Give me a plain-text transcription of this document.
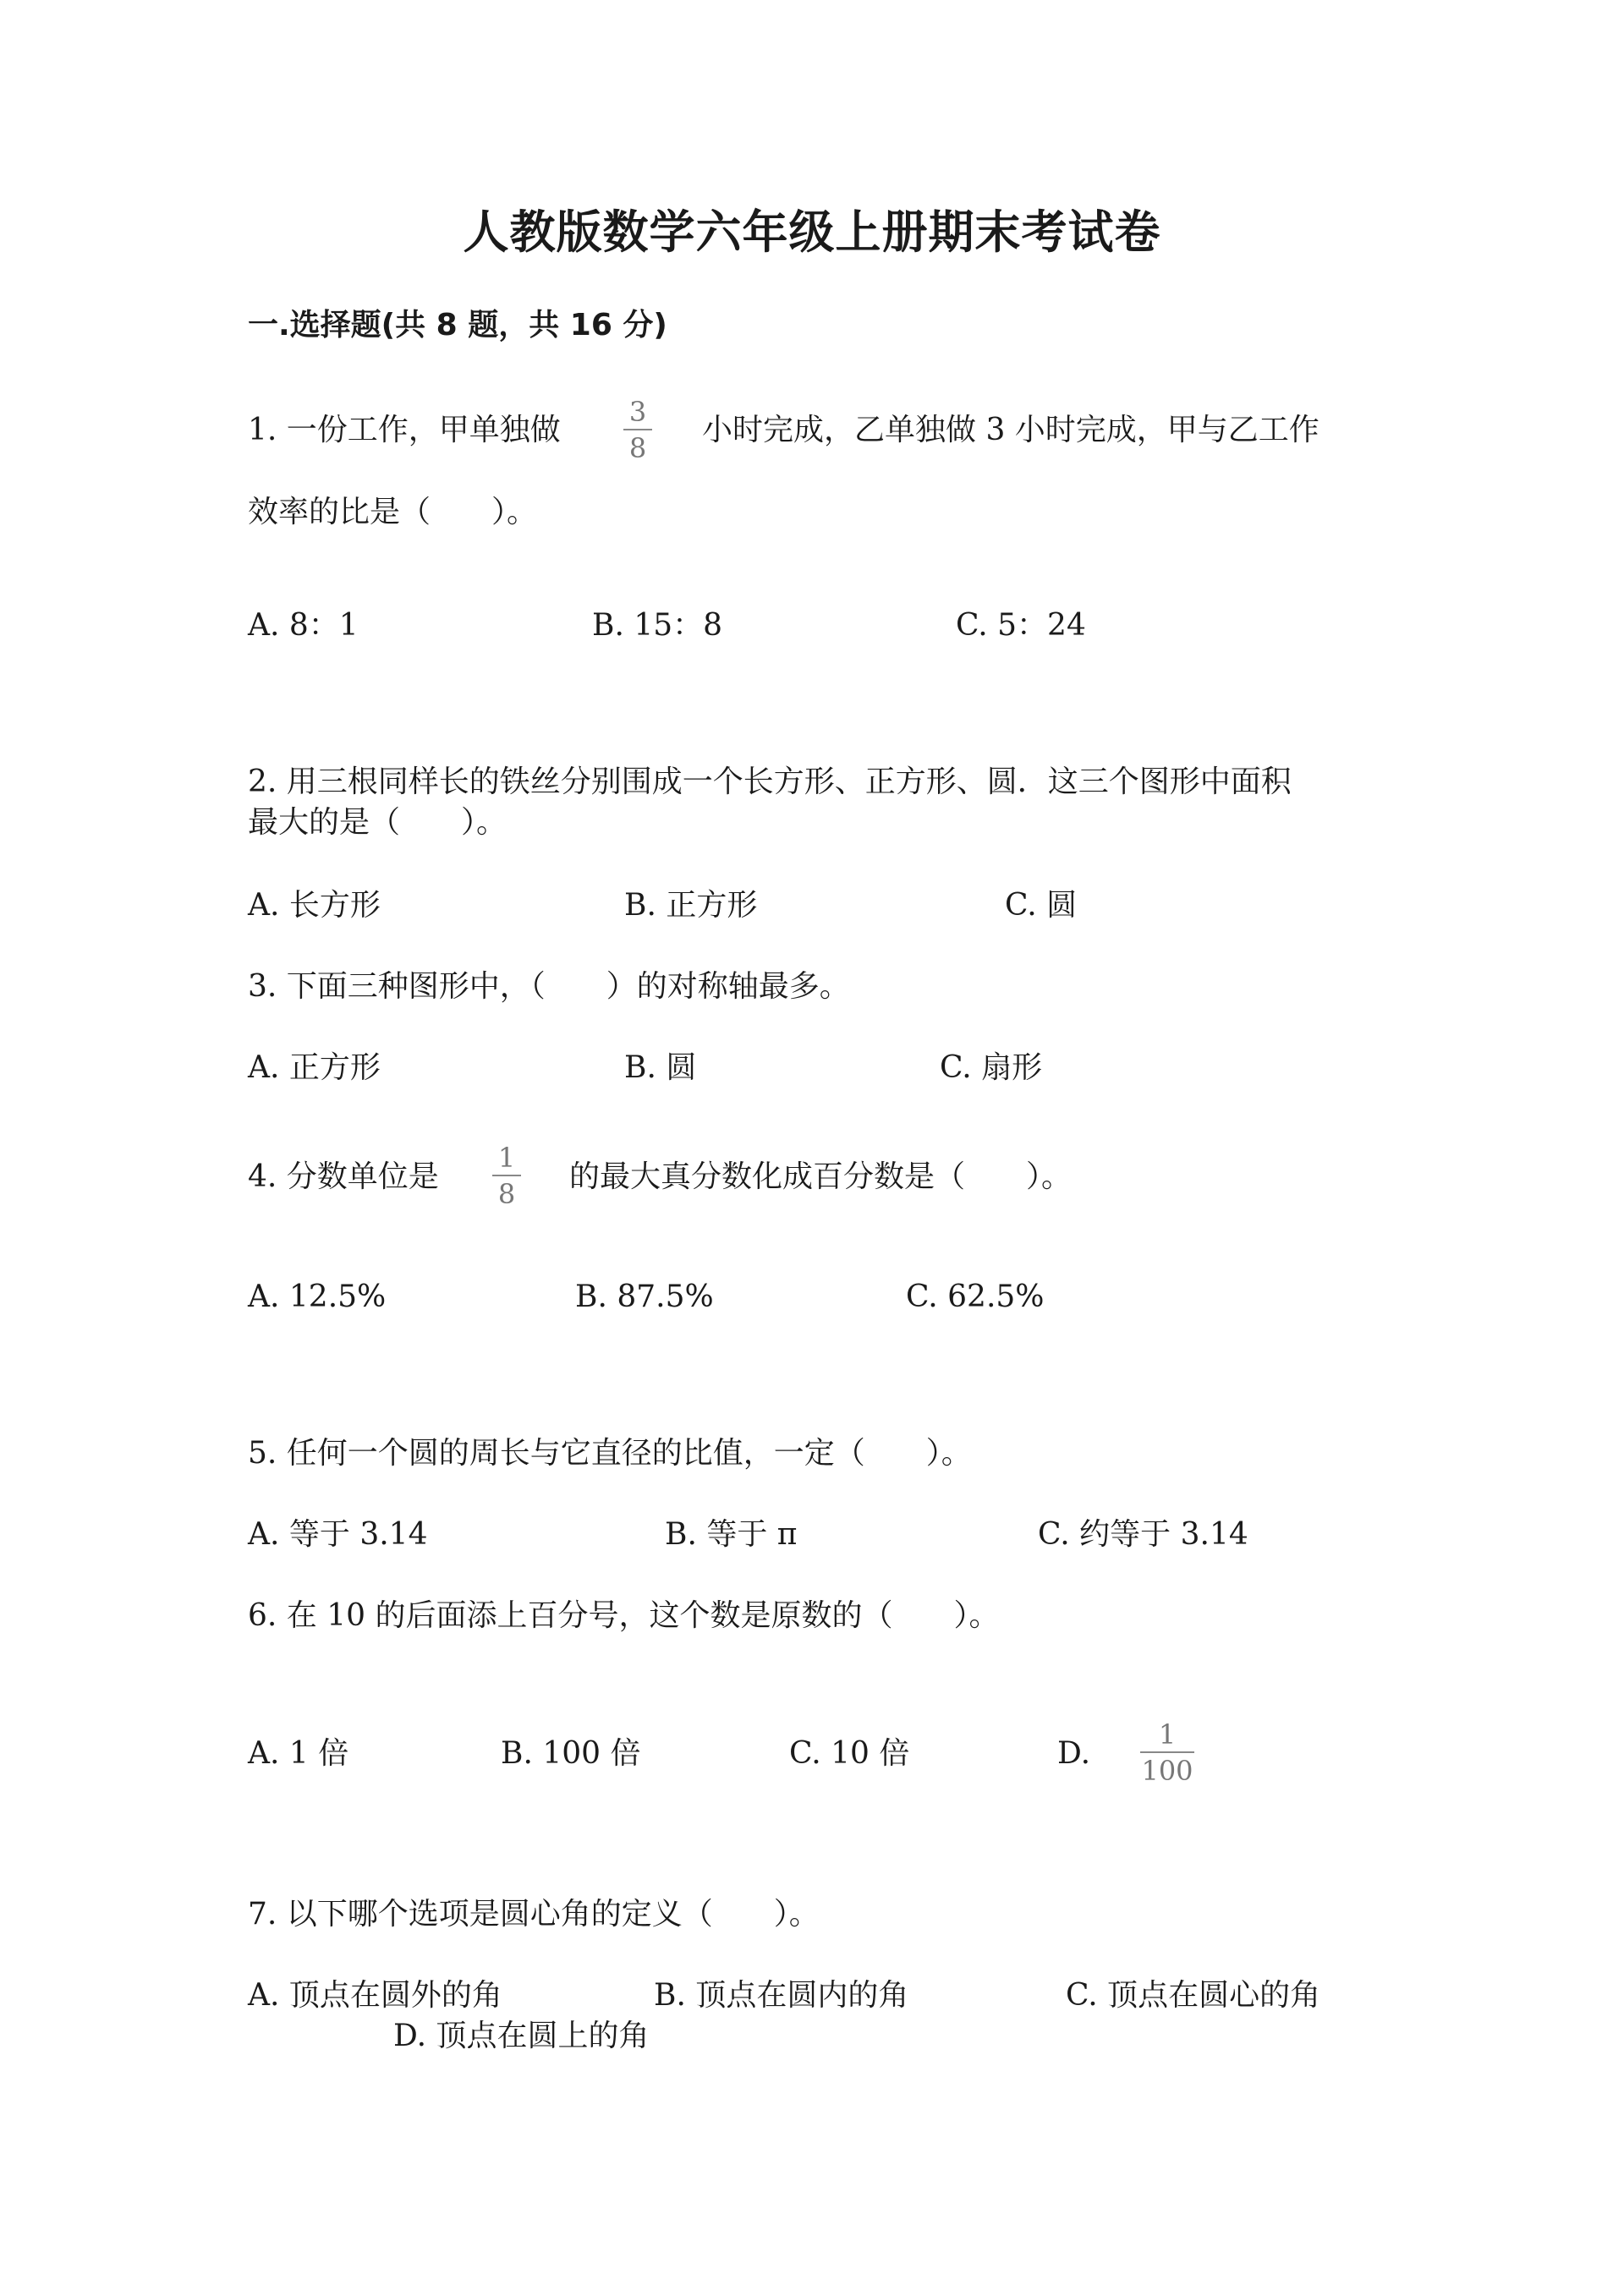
人教版数学六年级上册期末考试卷
一.选择题(共 8 题，共 16 分)
1. 一份工作，甲单独做
3
8
小时完成，乙单独做 3 小时完成，甲与乙工作
效率的比是（　　）。
A. 8：1	B. 15：8	C. 5：24
2. 用三根同样长的铁丝分别围成一个长方形、正方形、圆．这三个图形中面积
最大的是（　　）。
A. 长方形	B. 正方形	C. 圆
3. 下面三种图形中，（　　）的对称轴最多。
A. 正方形	B. 圆	C. 扇形
4. 分数单位是
1
8 的最大真分数化成百分数是（　　）。
A. 12.5%	B. 87.5%	C. 62.5%
5. 任何一个圆的周长与它直径的比值，一定（　　）。
A. 等于 3.14	B. 等于 π	C. 约等于 3.14
6. 在 10 的后面添上百分号，这个数是原数的（　　）。
A. 1 倍	B. 100 倍	C. 10 倍	D.
1
100
7. 以下哪个选项是圆心角的定义（　　）。
A. 顶点在圆外的角	B. 顶点在圆内的角	C. 顶点在圆心的角
D. 顶点在圆上的角
